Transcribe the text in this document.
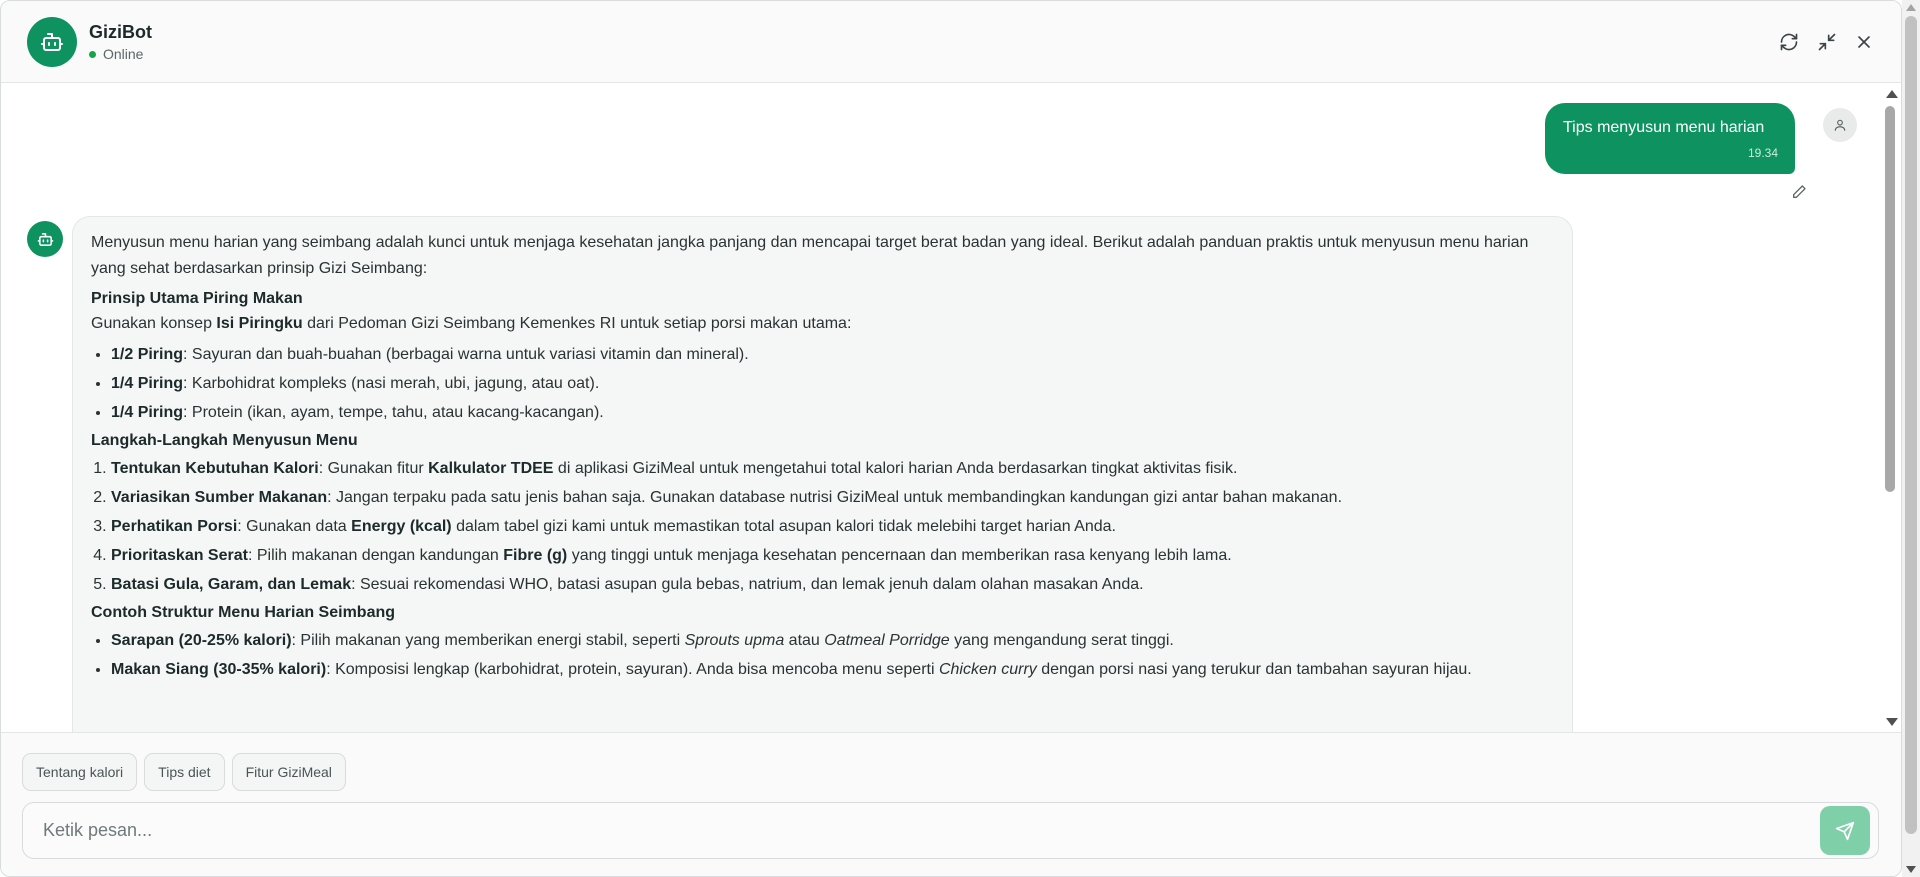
GiziBot
Online
Tips menyusun menu harian
19.34

Menyusun menu harian yang seimbang adalah kunci untuk menjaga kesehatan jangka panjang dan mencapai target berat badan yang ideal. Berikut adalah panduan praktis untuk menyusun menu harian yang sehat berdasarkan prinsip Gizi Seimbang:

Prinsip Utama Piring Makan

Gunakan konsep Isi Piringku dari Pedoman Gizi Seimbang Kemenkes RI untuk setiap porsi makan utama:

• 1/2 Piring: Sayuran dan buah-buahan (berbagai warna untuk variasi vitamin dan mineral).
• 1/4 Piring: Karbohidrat kompleks (nasi merah, ubi, jagung, atau oat).
• 1/4 Piring: Protein (ikan, ayam, tempe, tahu, atau kacang-kacangan).
Langkah-Langkah Menyusun Menu
1. Tentukan Kebutuhan Kalori: Gunakan fitur Kalkulator TDEE di aplikasi GiziMeal untuk mengetahui total kalori harian Anda berdasarkan tingkat aktivitas fisik.
2. Variasikan Sumber Makanan: Jangan terpaku pada satu jenis bahan saja. Gunakan database nutrisi GiziMeal untuk membandingkan kandungan gizi antar bahan makanan.
3. Perhatikan Porsi: Gunakan data Energy (kcal) dalam tabel gizi kami untuk memastikan total asupan kalori tidak melebihi target harian Anda.
4. Prioritaskan Serat: Pilih makanan dengan kandungan Fibre (g) yang tinggi untuk menjaga kesehatan pencernaan dan memberikan rasa kenyang lebih lama.
5. Batasi Gula, Garam, dan Lemak: Sesuai rekomendasi WHO, batasi asupan gula bebas, natrium, dan lemak jenuh dalam olahan masakan Anda.
Contoh Struktur Menu Harian Seimbang
• Sarapan (20-25% kalori): Pilih makanan yang memberikan energi stabil, seperti Sprouts upma atau Oatmeal Porridge yang mengandung serat tinggi.
• Makan Siang (30-35% kalori): Komposisi lengkap (karbohidrat, protein, sayuran). Anda bisa mencoba menu seperti Chicken curry dengan porsi nasi yang terukur dan tambahan sayuran hijau.
Tentang kalori	Tips diet	Fitur GiziMeal
Ketik pesan...
